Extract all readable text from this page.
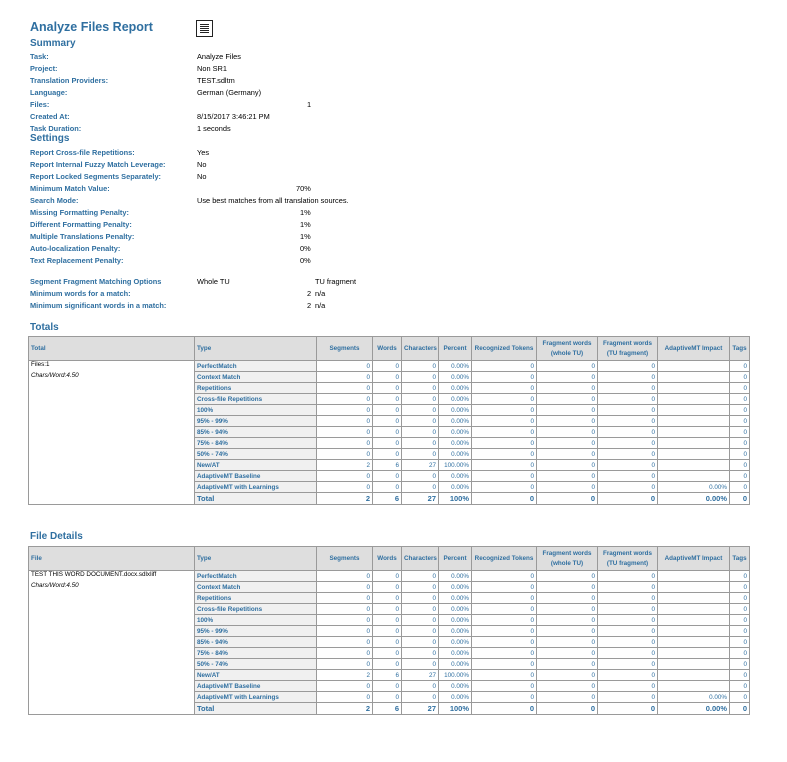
Analyze Files Report
Summary
Task:	Analyze Files
Project:	Non SR1
Translation Providers:	TEST.sdltm
Language:	German (Germany)
Files:	1
Created At:	8/15/2017 3:46:21 PM
Task Duration:	1 seconds
Settings
Report Cross-file Repetitions:	Yes
Report Internal Fuzzy Match Leverage:	No
Report Locked Segments Separately:	No
Minimum Match Value:	70%
Search Mode:	Use best matches from all translation sources.
Missing Formatting Penalty:	1%
Different Formatting Penalty:	1%
Multiple Translations Penalty:	1%
Auto-localization Penalty:	0%
Text Replacement Penalty:	0%
Segment Fragment Matching Options	Whole TU	TU fragment
Minimum words for a match:	2 n/a
Minimum significant words in a match:	2 n/a
Totals
Total	Type	Segments	Words	Characters	Percent	Recognized Tokens	Fragment words (whole TU)	Fragment words (TU fragment)	AdaptiveMT Impact	Tags
Files:1	PerfectMatch	0	0	0	0.00%	0	0	0		0
Chars/Word:4.50	Context Match	0	0	0	0.00%	0	0	0		0
	Repetitions	0	0	0	0.00%	0	0	0		0
	Cross-file Repetitions	0	0	0	0.00%	0	0	0		0
	100%	0	0	0	0.00%	0	0	0		0
	95% - 99%	0	0	0	0.00%	0	0	0		0
	85% - 94%	0	0	0	0.00%	0	0	0		0
	75% - 84%	0	0	0	0.00%	0	0	0		0
	50% - 74%	0	0	0	0.00%	0	0	0		0
	New/AT	2	6	27	100.00%	0	0	0		0
	AdaptiveMT Baseline	0	0	0	0.00%	0	0	0		0
	AdaptiveMT with Learnings	0	0	0	0.00%	0	0	0	0.00%	0
	Total	2	6	27	100%	0	0	0	0.00%	0
File Details
File	Type	Segments	Words	Characters	Percent	Recognized Tokens	Fragment words (whole TU)	Fragment words (TU fragment)	AdaptiveMT Impact	Tags
TEST THIS WORD DOCUMENT.docx.sdlxliff	PerfectMatch	0	0	0	0.00%	0	0	0		0
Chars/Word:4.50	Context Match	0	0	0	0.00%	0	0	0		0
	Repetitions	0	0	0	0.00%	0	0	0		0
	Cross-file Repetitions	0	0	0	0.00%	0	0	0		0
	100%	0	0	0	0.00%	0	0	0		0
	95% - 99%	0	0	0	0.00%	0	0	0		0
	85% - 94%	0	0	0	0.00%	0	0	0		0
	75% - 84%	0	0	0	0.00%	0	0	0		0
	50% - 74%	0	0	0	0.00%	0	0	0		0
	New/AT	2	6	27	100.00%	0	0	0		0
	AdaptiveMT Baseline	0	0	0	0.00%	0	0	0		0
	AdaptiveMT with Learnings	0	0	0	0.00%	0	0	0	0.00%	0
	Total	2	6	27	100%	0	0	0	0.00%	0
